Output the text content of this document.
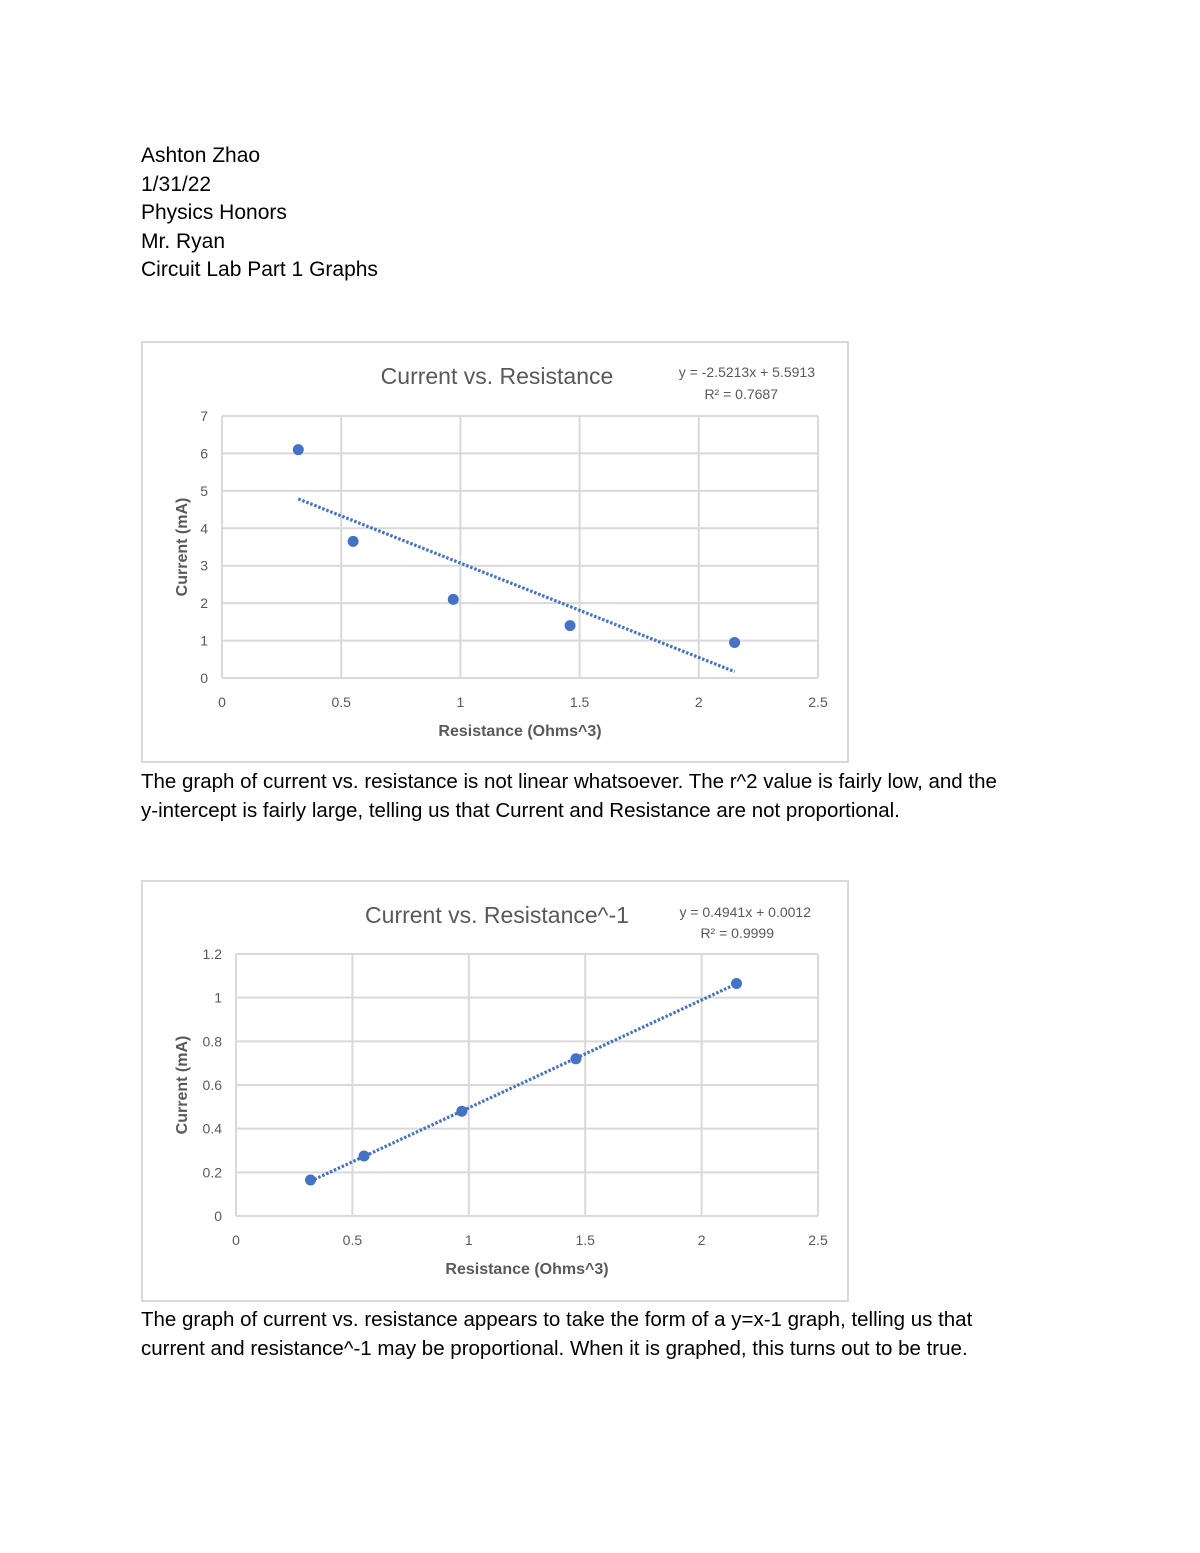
Ashton Zhao
1/31/22
Physics Honors
Mr. Ryan
Circuit Lab Part 1 Graphs
0
1
2
3
4
5
6
7
0	0.5	1	1.5	2	2.5
Current vs. Resistance	y = -2.5213x + 5.5913
R² = 0.7687
Resistance (Ohms^3)
Current (mA)
The graph of current vs. resistance is not linear whatsoever. The r^2 value is fairly low, and the
y-intercept is fairly large, telling us that Current and Resistance are not proportional.
0
0.2
0.4
0.6
0.8
1
1.2
0	0.5	1	1.5	2	2.5
Current vs. Resistance^-1	y = 0.4941x + 0.0012
R² = 0.9999
Resistance (Ohms^3)
Current (mA)
The graph of current vs. resistance appears to take the form of a y=x-1 graph, telling us that
current and resistance^-1 may be proportional. When it is graphed, this turns out to be true.
